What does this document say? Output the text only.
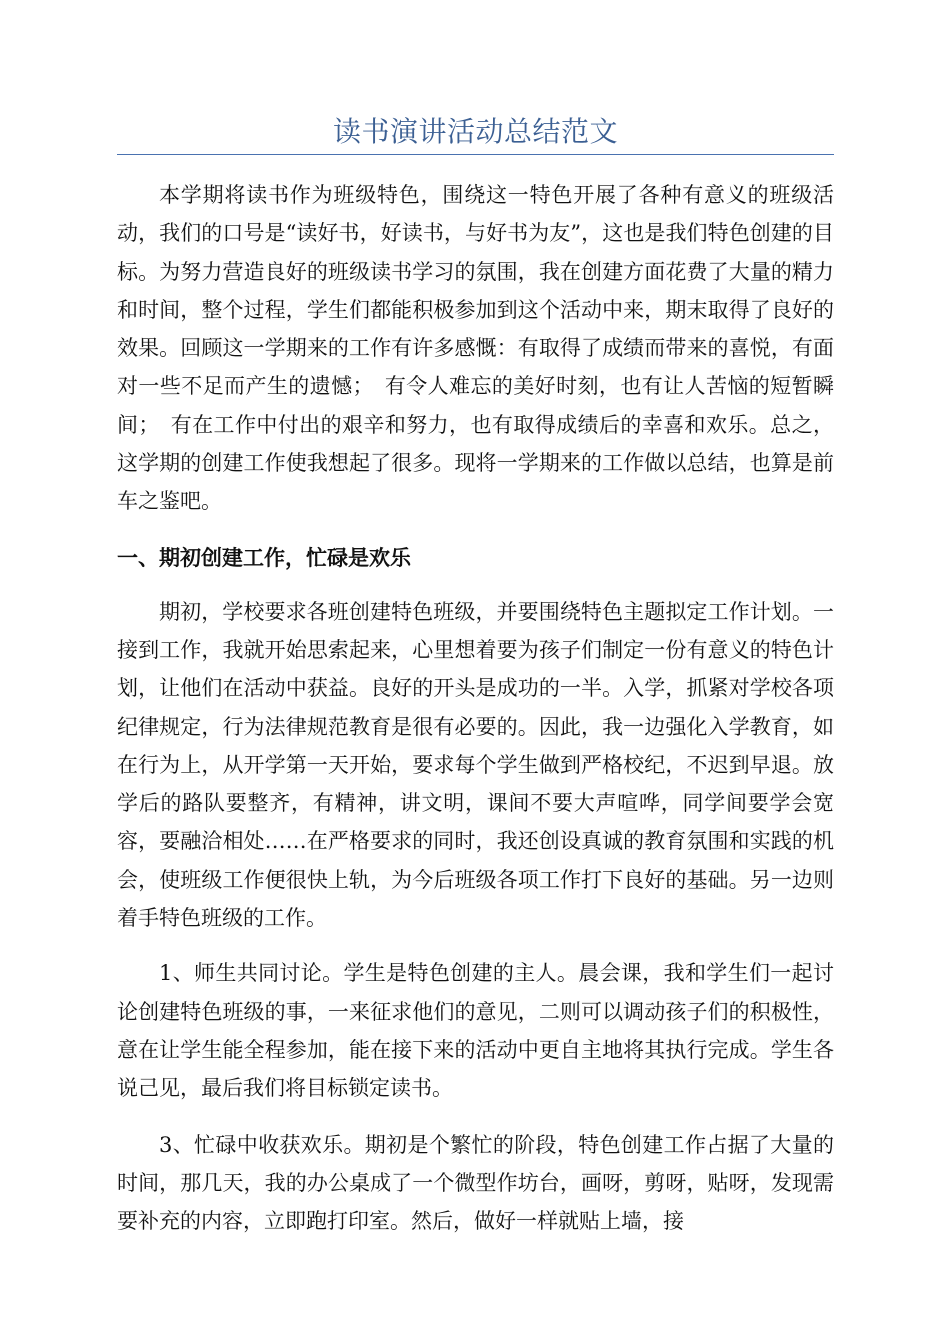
读书演讲活动总结范文

本学期将读书作为班级特色，围绕这一特色开展了各种有意义的班级活动，我们的口号是“读好书，好读书，与好书为友”，这也是我们特色创建的目标。为努力营造良好的班级读书学习的氛围，我在创建方面花费了大量的精力和时间，整个过程，学生们都能积极参加到这个活动中来，期末取得了良好的效果。回顾这一学期来的工作有许多感慨：有取得了成绩而带来的喜悦，有面对一些不足而产生的遗憾；　有令人难忘的美好时刻，也有让人苦恼的短暂瞬间；　有在工作中付出的艰辛和努力，也有取得成绩后的幸喜和欢乐。总之，这学期的创建工作使我想起了很多。现将一学期来的工作做以总结，也算是前车之鉴吧。

一、期初创建工作，忙碌是欢乐

期初，学校要求各班创建特色班级，并要围绕特色主题拟定工作计划。一接到工作，我就开始思索起来，心里想着要为孩子们制定一份有意义的特色计划，让他们在活动中获益。良好的开头是成功的一半。入学，抓紧对学校各项纪律规定，行为法律规范教育是很有必要的。因此，我一边强化入学教育，如在行为上，从开学第一天开始，要求每个学生做到严格校纪，不迟到早退。放学后的路队要整齐，有精神，讲文明，课间不要大声喧哗，同学间要学会宽容，要融洽相处……在严格要求的同时，我还创设真诚的教育氛围和实践的机会，使班级工作便很快上轨，为今后班级各项工作打下良好的基础。另一边则着手特色班级的工作。

1、师生共同讨论。学生是特色创建的主人。晨会课，我和学生们一起讨论创建特色班级的事，一来征求他们的意见，二则可以调动孩子们的积极性，意在让学生能全程参加，能在接下来的活动中更自主地将其执行完成。学生各说己见，最后我们将目标锁定读书。

3、忙碌中收获欢乐。期初是个繁忙的阶段，特色创建工作占据了大量的时间，那几天，我的办公桌成了一个微型作坊台，画呀，剪呀，贴呀，发现需要补充的内容，立即跑打印室。然后，做好一样就贴上墙，接
